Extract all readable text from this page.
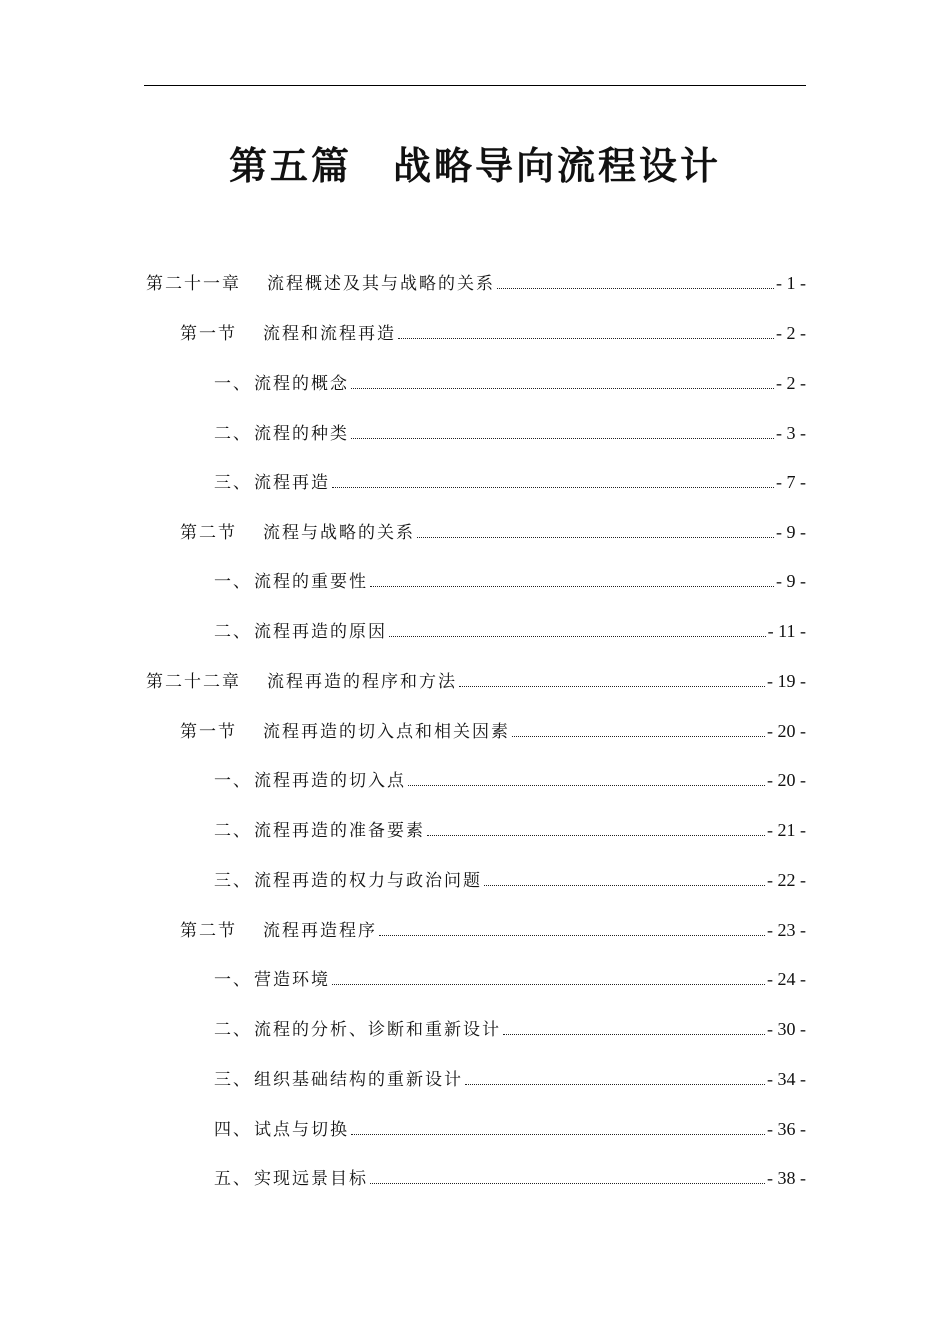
第五篇　战略导向流程设计
第二十一章 流程概述及其与战略的关系	- 1 -
第一节 流程和流程再造	- 2 -
一、 流程的概念	- 2 -
二、 流程的种类	- 3 -
三、 流程再造	- 7 -
第二节 流程与战略的关系	- 9 -
一、 流程的重要性	- 9 -
二、 流程再造的原因	- 11 -
第二十二章 流程再造的程序和方法	- 19 -
第一节 流程再造的切入点和相关因素	- 20 -
一、 流程再造的切入点	- 20 -
二、 流程再造的准备要素	- 21 -
三、 流程再造的权力与政治问题	- 22 -
第二节 流程再造程序	- 23 -
一、 营造环境	- 24 -
二、 流程的分析、诊断和重新设计	- 30 -
三、 组织基础结构的重新设计	- 34 -
四、 试点与切换	- 36 -
五、 实现远景目标	- 38 -
